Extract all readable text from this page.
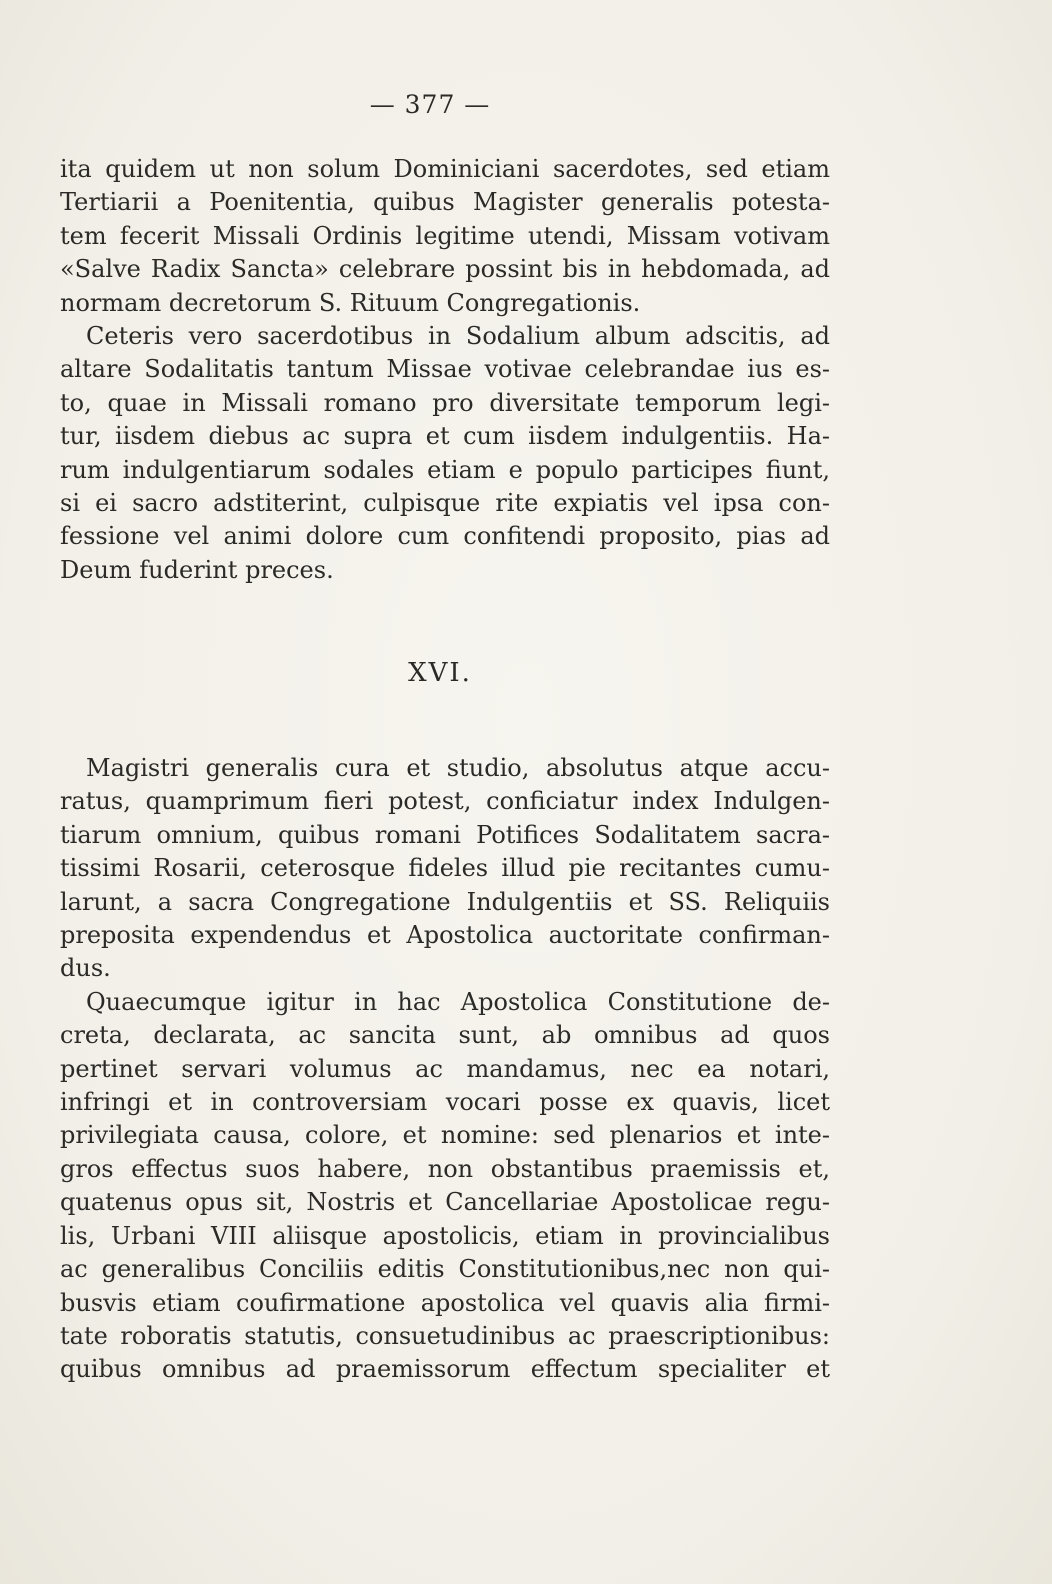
— 377 —
ita quidem ut non solum Dominiciani sacerdotes, sed etiam
Tertiarii a Poenitentia, quibus Magister generalis potesta-
tem fecerit Missali Ordinis legitime utendi, Missam votivam
«Salve Radix Sancta» celebrare possint bis in hebdomada, ad
normam decretorum S. Rituum Congregationis.
Ceteris vero sacerdotibus in Sodalium album adscitis, ad
altare Sodalitatis tantum Missae votivae celebrandae ius es-
to, quae in Missali romano pro diversitate temporum legi-
tur, iisdem diebus ac supra et cum iisdem indulgentiis. Ha-
rum indulgentiarum sodales etiam e populo participes fiunt,
si ei sacro adstiterint, culpisque rite expiatis vel ipsa con-
fessione vel animi dolore cum confitendi proposito, pias ad
Deum fuderint preces.
XVI.
Magistri generalis cura et studio, absolutus atque accu-
ratus, quamprimum fieri potest, conficiatur index Indulgen-
tiarum omnium, quibus romani Potifices Sodalitatem sacra-
tissimi Rosarii, ceterosque fideles illud pie recitantes cumu-
larunt, a sacra Congregatione Indulgentiis et SS. Reliquiis
preposita expendendus et Apostolica auctoritate confirman-
dus.
Quaecumque igitur in hac Apostolica Constitutione de-
creta, declarata, ac sancita sunt, ab omnibus ad quos
pertinet servari volumus ac mandamus, nec ea notari,
infringi et in controversiam vocari posse ex quavis, licet
privilegiata causa, colore, et nomine: sed plenarios et inte-
gros effectus suos habere, non obstantibus praemissis et,
quatenus opus sit, Nostris et Cancellariae Apostolicae regu-
lis, Urbani VIII aliisque apostolicis, etiam in provincialibus
ac generalibus Conciliis editis Constitutionibus,nec non qui-
busvis etiam coufirmatione apostolica vel quavis alia firmi-
tate roboratis statutis, consuetudinibus ac praescriptionibus:
quibus omnibus ad praemissorum effectum specialiter et
